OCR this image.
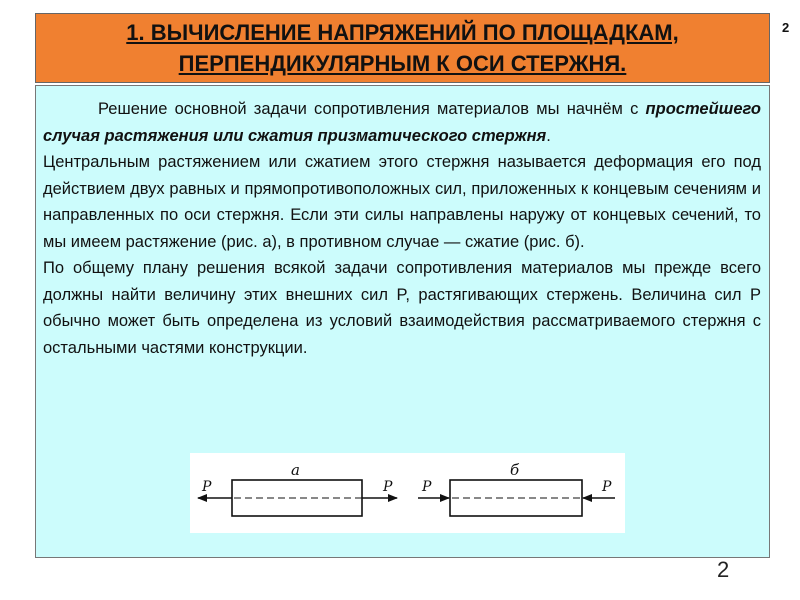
1. ВЫЧИСЛЕНИЕ НАПРЯЖЕНИЙ ПО ПЛОЩАДКАМ,
ПЕРПЕНДИКУЛЯРНЫМ К ОСИ СТЕРЖНЯ.
2

Решение основной задачи сопротивления материалов мы начнём с простейшего случая растяжения или сжатия призматического стержня.

Центральным растяжением или сжатием этого стержня называется деформация его под действием двух равных и прямопротивоположных сил, приложенных к концевым сечениям и направленных по оси стержня. Если эти силы направлены наружу от концевых сечений, то мы имеем растяжение (рис. а), в противном случае — сжатие (рис. б).

По общему плану решения всякой задачи сопротивления материалов мы прежде всего должны найти величину этих внешних сил P, растягивающих стержень. Величина сил P обычно может быть определена из условий взаимодействия рассматриваемого стержня с остальными частями конструкции.

P	P
а
P	P
б
2
